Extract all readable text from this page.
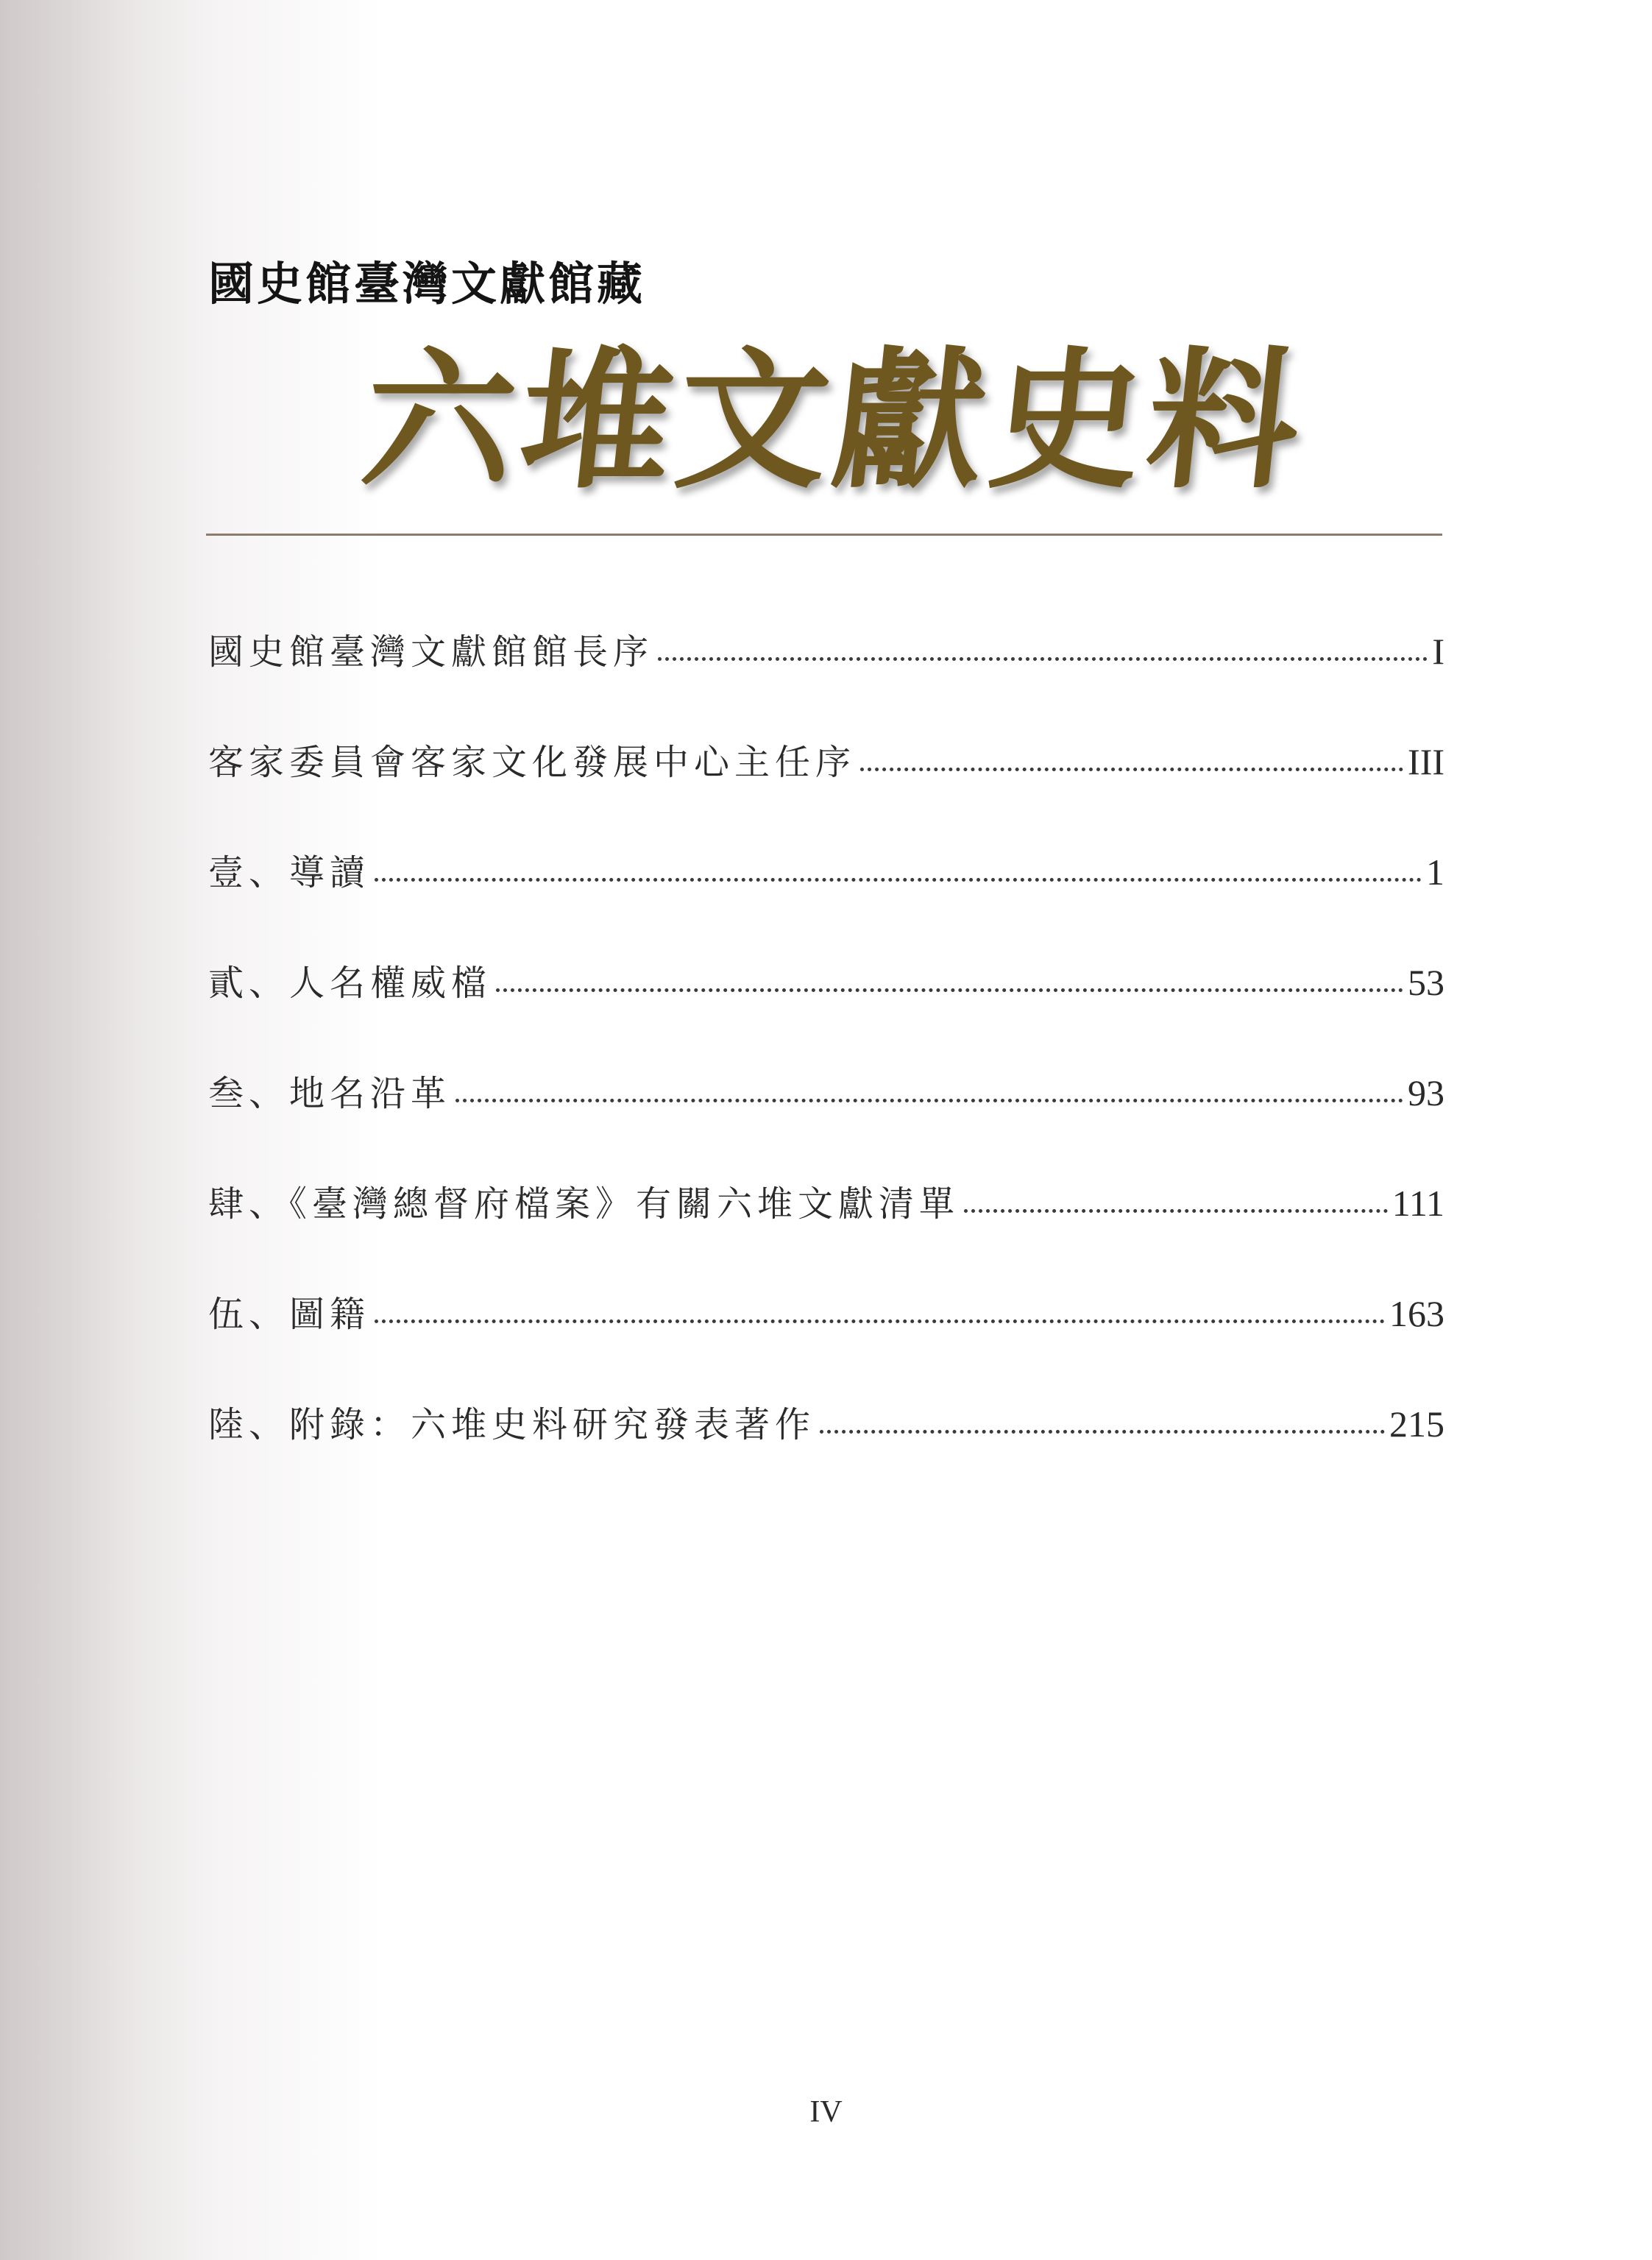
國史館臺灣文獻館藏
六堆文獻史料
國史館臺灣文獻館館長序	I
客家委員會客家文化發展中心主任序	III
壹、導讀	1
貳、人名權威檔	53
叁、地名沿革	93
肆、《臺灣總督府檔案》有關六堆文獻清單	111
伍、圖籍	163
陸、附錄：六堆史料研究發表著作	215
IV
